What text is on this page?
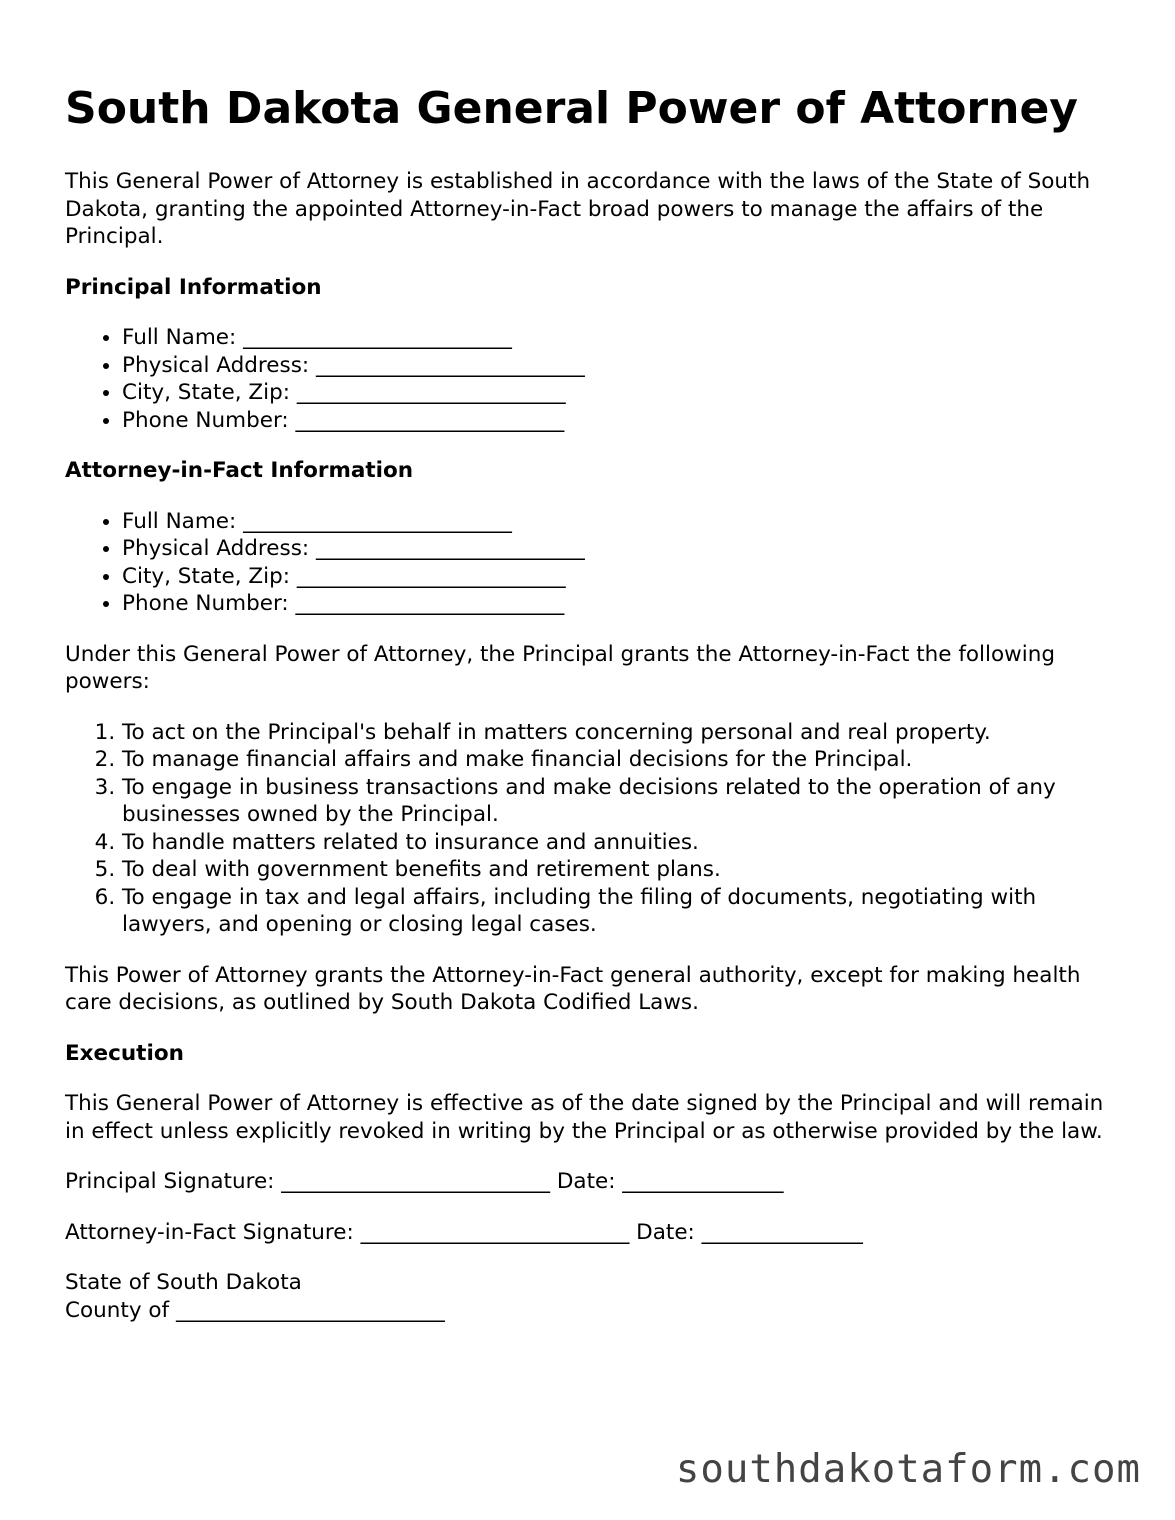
South Dakota General Power of Attorney

This General Power of Attorney is established in accordance with the laws of the State of South Dakota, granting the appointed Attorney-in-Fact broad powers to manage the affairs of the Principal.

Principal Information
• Full Name: _________________________
• Physical Address: _________________________
• City, State, Zip: _________________________
• Phone Number: _________________________
Attorney-in-Fact Information
• Full Name: _________________________
• Physical Address: _________________________
• City, State, Zip: _________________________
• Phone Number: _________________________

Under this General Power of Attorney, the Principal grants the Attorney-in-Fact the following powers:

1. To act on the Principal's behalf in matters concerning personal and real property.
2. To manage financial affairs and make financial decisions for the Principal.
3. To engage in business transactions and make decisions related to the operation of any businesses owned by the Principal.
4. To handle matters related to insurance and annuities.
5. To deal with government benefits and retirement plans.
6. To engage in tax and legal affairs, including the filing of documents, negotiating with lawyers, and opening or closing legal cases.

This Power of Attorney grants the Attorney-in-Fact general authority, except for making health care decisions, as outlined by South Dakota Codified Laws.

Execution

This General Power of Attorney is effective as of the date signed by the Principal and will remain in effect unless explicitly revoked in writing by the Principal or as otherwise provided by the law.

Principal Signature: _________________________ Date: _______________

Attorney-in-Fact Signature: _________________________ Date: _______________

State of South Dakota
County of _________________________

southdakotaform.com
